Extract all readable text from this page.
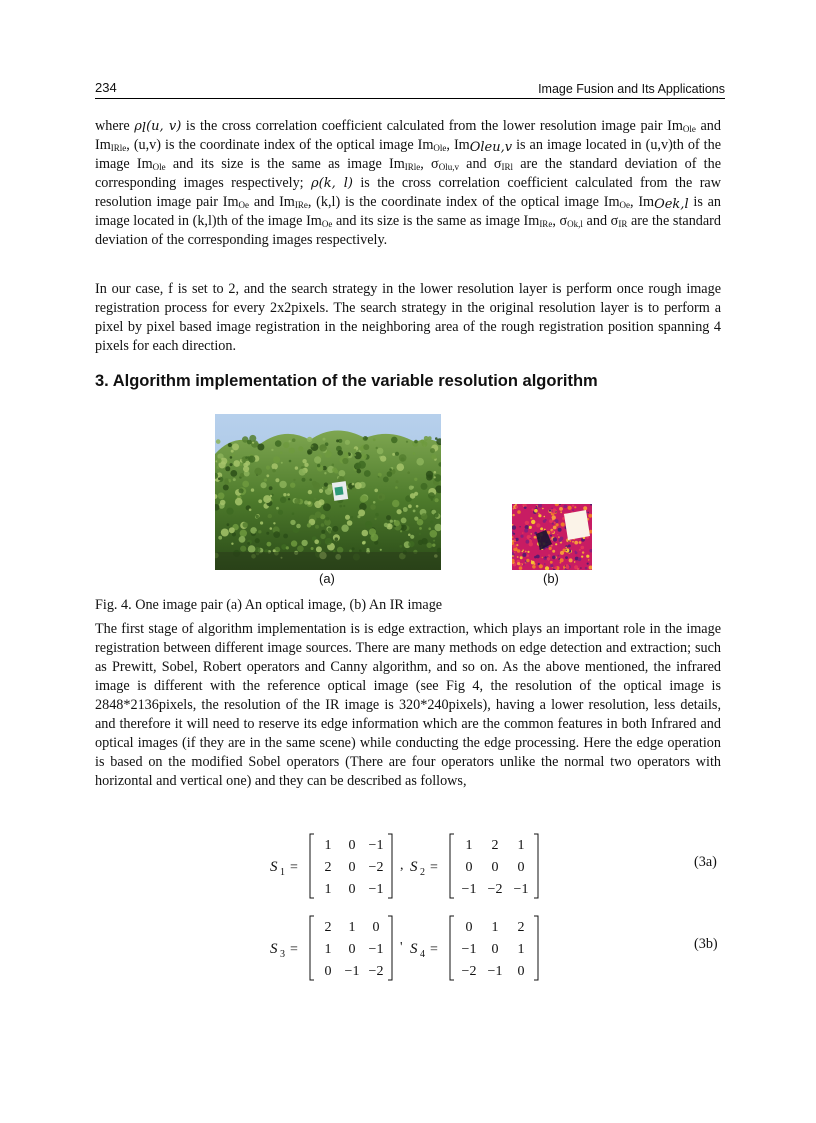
234	Image Fusion and Its Applications

where $\rho_l(u$, v) is the cross correlation coefficient calculated from the lower resolution image pair $Im_{Ole}$ and $Im_{IRle}$, (u,v) is the coordinate index of the optical image $Im_{Ole}$, $Im_{Oleu,v}$ is an image located in (u,v)th of the image $Im_{Ole}$ and its size is the same as image $Im_{IRle}$, $\sigma_{Olu,v}$ and $\sigma_{IRl}$ are the standard deviation of the corresponding images respectively; ρ(k, l) is the cross correlation coefficient calculated from the raw resolution image pair $Im_{Oe}$ and $Im_{IRe}$, (k,l) is the coordinate index of the optical image $Im_{Oe}$, $Im_{Oek,l}$ is an image located in (k,l)th of the image $Im_{Oe}$ and its size is the same as image $Im_{IRe}$, $\sigma_{Ok,l}$ and $\sigma_{IR}$ are the standard deviation of the corresponding images respectively.

In our case, f is set to 2, and the search strategy in the lower resolution layer is perform once rough image registration process for every 2x2pixels. The search strategy in the original resolution layer is to perform a pixel by pixel based image registration in the neighboring area of the rough registration position spanning 4 pixels for each direction.

3. Algorithm implementation of the variable resolution algorithm
(a)	(b)

Fig. 4. One image pair (a) An optical image, (b) An IR image

The first stage of algorithm implementation is is edge extraction, which plays an important role in the image registration between different image sources. There are many methods on edge detection and extraction; such as Prewitt, Sobel, Robert operators and Canny algorithm, and so on. As the above mentioned, the infrared image is different with the reference optical image (see Fig 4, the resolution of the optical image is 2848*2136pixels, the resolution of the IR image is 320*240pixels), having a lower resolution, less details, and therefore it will need to reserve its edge information which are the common features in both Infrared and optical images (if they are in the same scene) while conducting the edge processing. Here the edge operation is based on the modified Sobel operators (There are four operators unlike the normal two operators with horizontal and vertical one) and they can be described as follows,

S 1 =
1 0 −1
2 0 −2
1 0 −1
, S 2 =
1 2 1
0 0 0
−1 −2 −1
(3a)
S 3 =
2 1 0
1 0 −1
0 −1 −2
' S 4 =
0 1 2
−1 0 1
−2 −1 0
(3b)
